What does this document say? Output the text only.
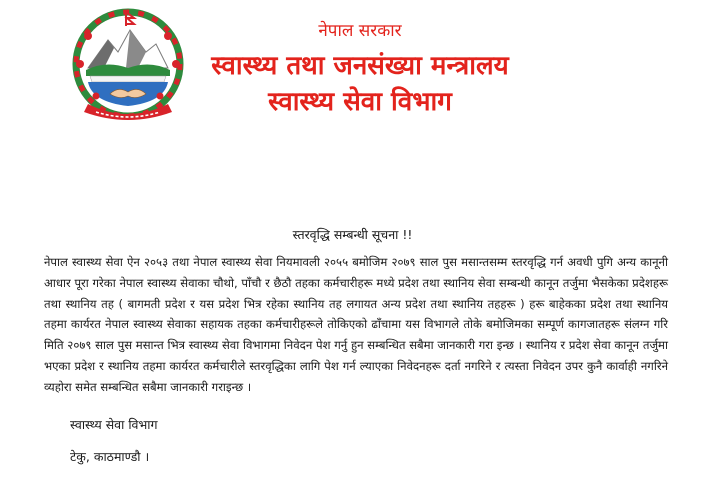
नेपाल सरकार
स्वास्थ्य तथा जनसंख्या मन्त्रालय
स्वास्थ्य सेवा विभाग
स्तरवृद्धि सम्बन्धी सूचना !!

नेपाल स्वास्थ्य सेवा ऐन २०५३ तथा नेपाल स्वास्थ्य सेवा नियमावली २०५५ बमोजिम २०७९ साल पुस मसान्तसम्म स्तरवृद्धि गर्न अवधी पुगि अन्य कानूनी आधार पूरा गरेका नेपाल स्वास्थ्य सेवाका चौथो, पाँचौ र छैठौ तहका कर्मचारीहरू मध्ये प्रदेश तथा स्थानिय सेवा सम्बन्धी कानून तर्जुमा भैसकेका प्रदेशहरू तथा स्थानिय तह ( बागमती प्रदेश र यस प्रदेश भित्र रहेका स्थानिय तह लगायत अन्य प्रदेश तथा स्थानिय तहहरू ) हरू बाहेकका प्रदेश तथा स्थानिय तहमा कार्यरत नेपाल स्वास्थ्य सेवाका सहायक तहका कर्मचारीहरूले तोकिएको ढाँचामा यस विभागले तोके बमोजिमका सम्पूर्ण कागजातहरू संलग्न गरि मिति २०७९ साल पुस मसान्त भित्र स्वास्थ्य सेवा विभागमा निवेदन पेश गर्नु हुन सम्बन्धित सबैमा जानकारी गरा इन्छ । स्थानिय र प्रदेश सेवा कानून तर्जुमा भएका प्रदेश र स्थानिय तहमा कार्यरत कर्मचारीले स्तरवृद्धिका लागि पेश गर्न ल्याएका निवेदनहरू दर्ता नगरिने र त्यस्ता निवेदन उपर कुनै कार्वाही नगरिने व्यहोरा समेत सम्बन्धित सबैमा जानकारी गराइन्छ ।

स्वास्थ्य सेवा विभाग
टेकु, काठमाण्डौ ।
